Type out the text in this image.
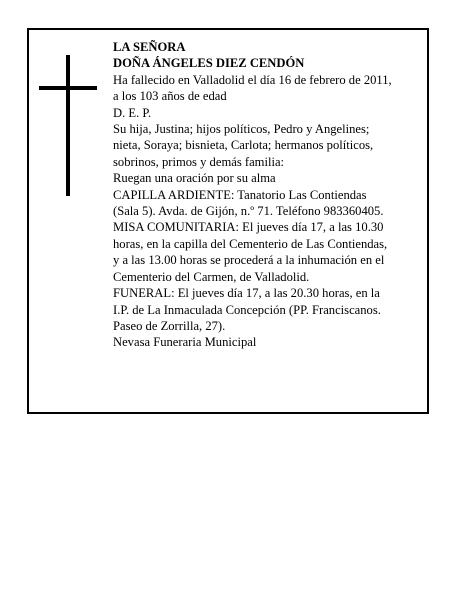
LA SEÑORA
DOÑA ÁNGELES DIEZ CENDÓN
Ha fallecido en Valladolid el día 16 de febrero de 2011,
a los 103 años de edad
D. E. P.
Su hija, Justina; hijos políticos, Pedro y Angelines;
nieta, Soraya; bisnieta, Carlota; hermanos políticos,
sobrinos, primos y demás familia:
Ruegan una oración por su alma
CAPILLA ARDIENTE: Tanatorio Las Contiendas
(Sala 5). Avda. de Gijón, n.º 71. Teléfono 983360405.
MISA COMUNITARIA: El jueves día 17, a las 10.30
horas, en la capilla del Cementerio de Las Contiendas,
y a las 13.00 horas se procederá a la inhumación en el
Cementerio del Carmen, de Valladolid.
FUNERAL: El jueves día 17, a las 20.30 horas, en la
I.P. de La Inmaculada Concepción (PP. Franciscanos.
Paseo de Zorrilla, 27).
Nevasa Funeraria Municipal
